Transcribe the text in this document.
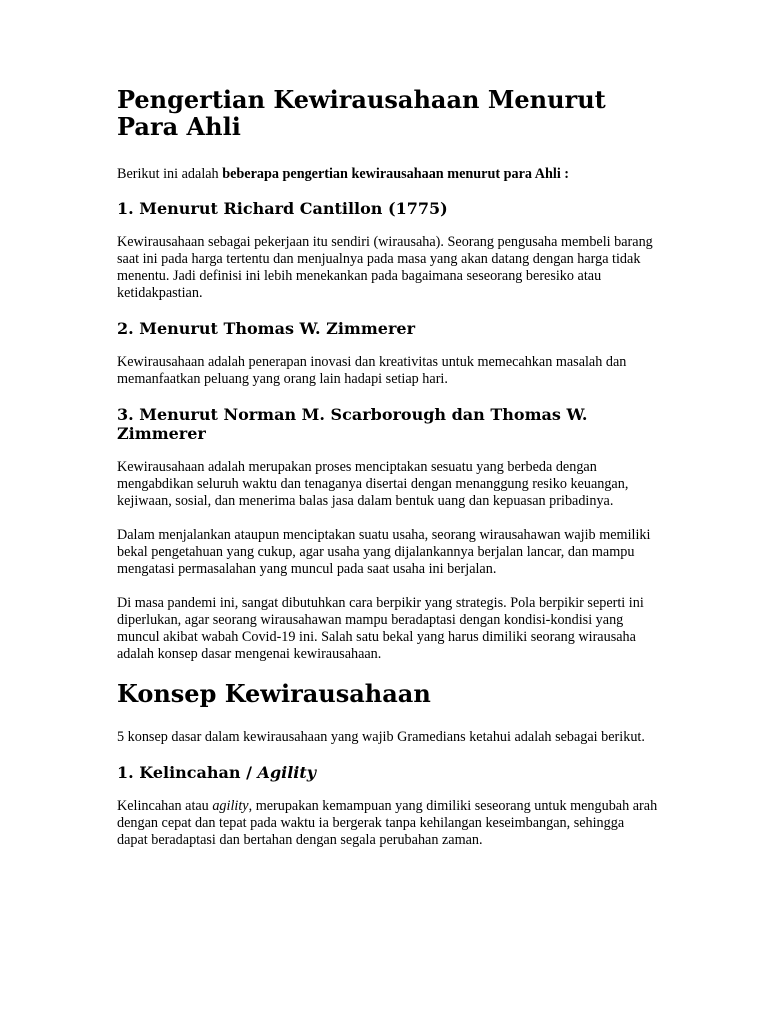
Pengertian Kewirausahaan Menurut
Para Ahli

Berikut ini adalah beberapa pengertian kewirausahaan menurut para Ahli :

1. Menurut Richard Cantillon (1775)

Kewirausahaan sebagai pekerjaan itu sendiri (wirausaha). Seorang pengusaha membeli barang saat ini pada harga tertentu dan menjualnya pada masa yang akan datang dengan harga tidak menentu. Jadi definisi ini lebih menekankan pada bagaimana seseorang beresiko atau ketidakpastian.

2. Menurut Thomas W. Zimmerer

Kewirausahaan adalah penerapan inovasi dan kreativitas untuk memecahkan masalah dan memanfaatkan peluang yang orang lain hadapi setiap hari.

3. Menurut Norman M. Scarborough dan Thomas W. Zimmerer

Kewirausahaan adalah merupakan proses menciptakan sesuatu yang berbeda dengan mengabdikan seluruh waktu dan tenaganya disertai dengan menanggung resiko keuangan, kejiwaan, sosial, dan menerima balas jasa dalam bentuk uang dan kepuasan pribadinya.

Dalam menjalankan ataupun menciptakan suatu usaha, seorang wirausahawan wajib memiliki bekal pengetahuan yang cukup, agar usaha yang dijalankannya berjalan lancar, dan mampu mengatasi permasalahan yang muncul pada saat usaha ini berjalan.

Di masa pandemi ini, sangat dibutuhkan cara berpikir yang strategis. Pola berpikir seperti ini diperlukan, agar seorang wirausahawan mampu beradaptasi dengan kondisi-kondisi yang muncul akibat wabah Covid-19 ini. Salah satu bekal yang harus dimiliki seorang wirausaha adalah konsep dasar mengenai kewirausahaan.

Konsep Kewirausahaan

5 konsep dasar dalam kewirausahaan yang wajib Gramedians ketahui adalah sebagai berikut.

1. Kelincahan / Agility

Kelincahan atau agility, merupakan kemampuan yang dimiliki seseorang untuk mengubah arah dengan cepat dan tepat pada waktu ia bergerak tanpa kehilangan keseimbangan, sehingga dapat beradaptasi dan bertahan dengan segala perubahan zaman.
